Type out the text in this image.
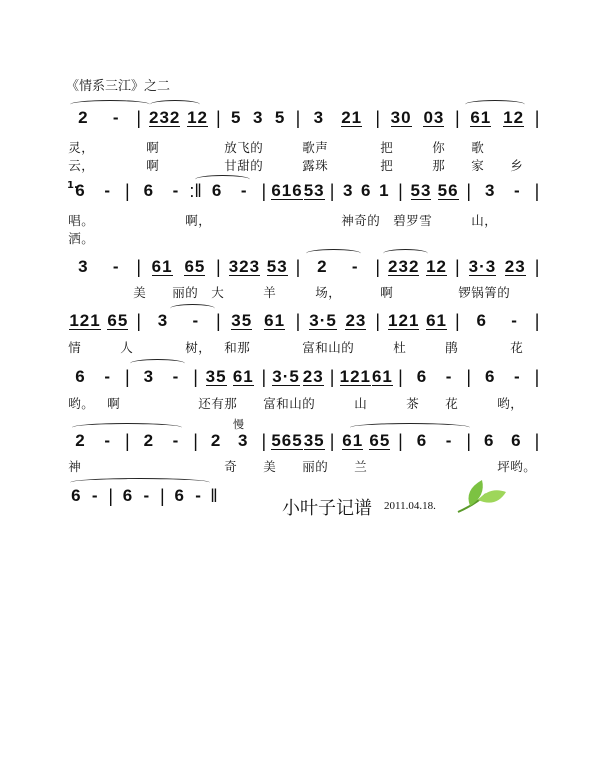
《情系三江》之二
1.
慢
2 - | 232 12 | 5 3 5 | 3 21 | 30 03 | 61 12 |
灵，	啊	放飞的	歌声	把	你 歌
云，	啊	甘甜的	露珠	把	那 家 乡
6 - | 6 - :‖ 6 - | 616 53 | 3 6 1 | 53 56 | 3 - |
唱。	啊，	神奇的 碧罗雪	山，
洒。
3 - | 61 65 | 323 53 | 2 - | 232 12 | 3·3 23 |
美 丽的 大	羊	场，	啊	锣锅箐的
121 65 | 3 - | 35 61 | 3·5 23 | 121 61 | 6 - |
情	人	树， 和那	富和山的	杜	鹃	花
6 - | 3 - | 35 61 | 3·5 23 | 121 61 | 6 - | 6 - |
哟。 啊	还有那 富和山的	山	茶 花	哟，
2 - | 2 - | 2 3 | 565 35 | 61 65 | 6 - | 6 6 |
神	奇 美 丽的 兰	坪哟。
6 - | 6 - | 6 - ‖
小叶子记谱 2011.04.18.
